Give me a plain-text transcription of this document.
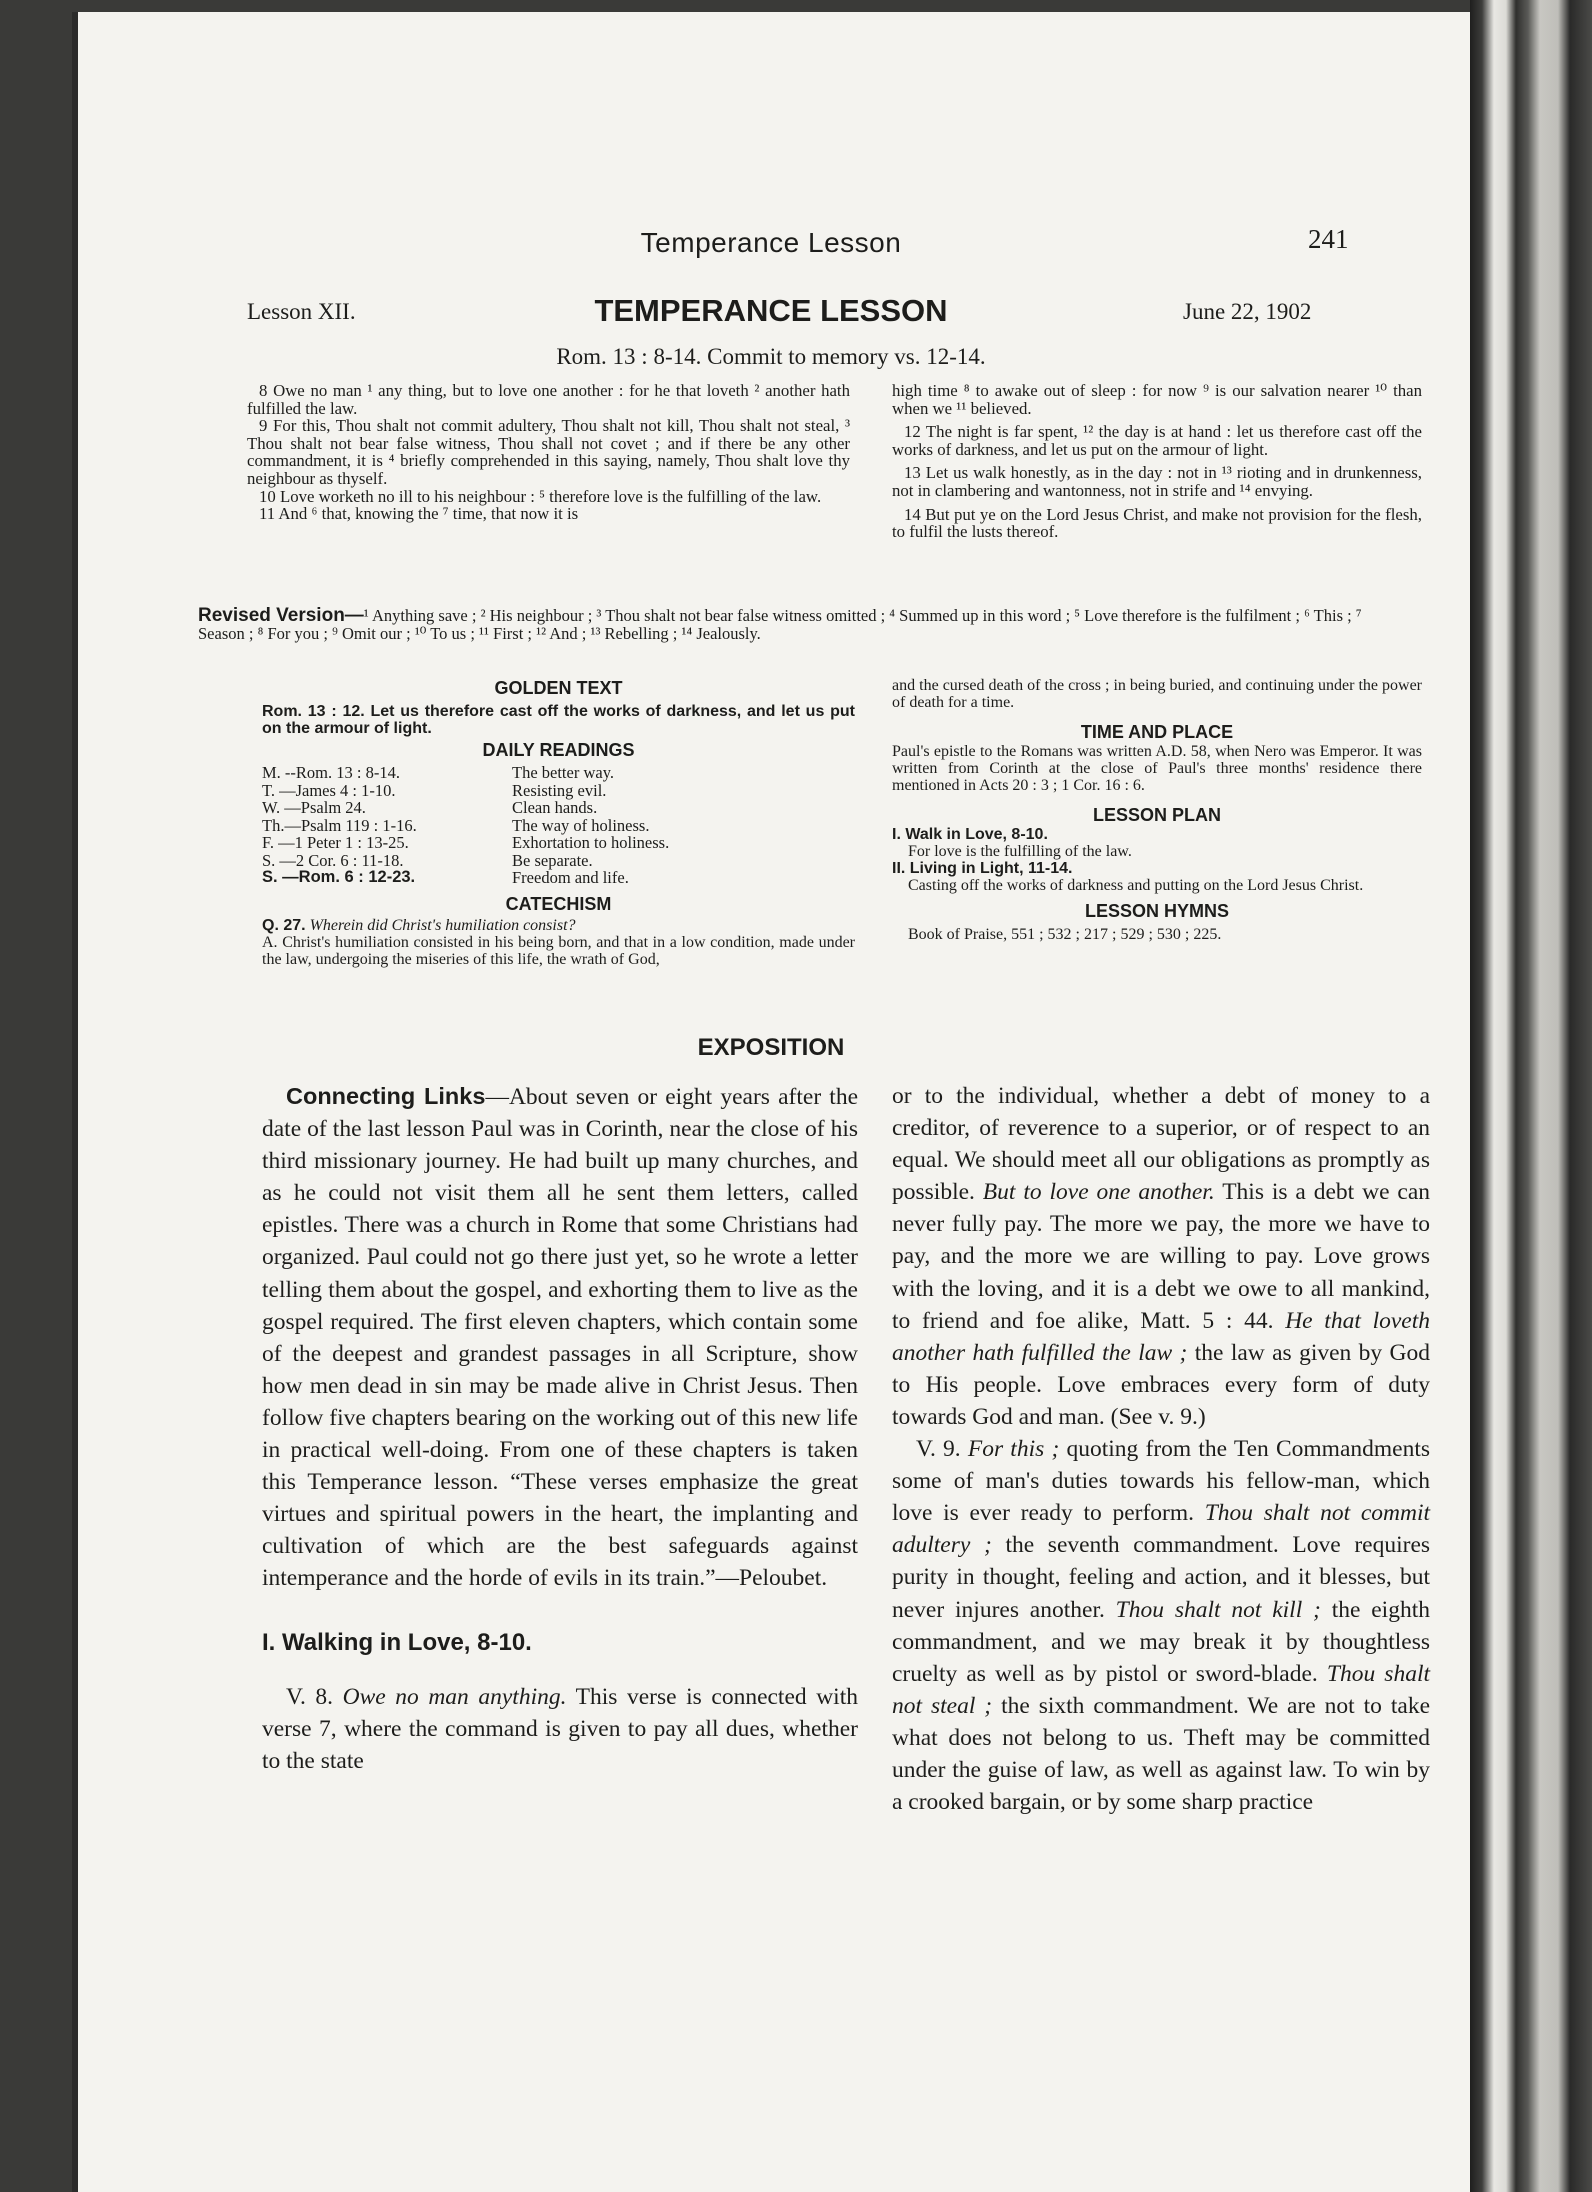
Temperance Lesson	241
Lesson XII.	TEMPERANCE LESSON	June 22, 1902
Rom. 13 : 8-14. Commit to memory vs. 12-14.

8 Owe no man ¹ any thing, but to love one another : for he that loveth ² another hath fulfilled the law.

9 For this, Thou shalt not commit adultery, Thou shalt not kill, Thou shalt not steal, ³ Thou shalt not bear false witness, Thou shall not covet ; and if there be any other commandment, it is ⁴ briefly comprehended in this saying, namely, Thou shalt love thy neighbour as thyself.

10 Love worketh no ill to his neighbour : ⁵ therefore love is the fulfilling of the law.

11 And ⁶ that, knowing the ⁷ time, that now it is

high time ⁸ to awake out of sleep : for now ⁹ is our salvation nearer ¹⁰ than when we ¹¹ believed.

12 The night is far spent, ¹² the day is at hand : let us therefore cast off the works of darkness, and let us put on the armour of light.

13 Let us walk honestly, as in the day : not in ¹³ rioting and in drunkenness, not in clambering and wantonness, not in strife and ¹⁴ envying.

14 But put ye on the Lord Jesus Christ, and make not provision for the flesh, to fulfil the lusts thereof.

Revised Version—¹ Anything save ; ² His neighbour ; ³ Thou shalt not bear false witness omitted ; ⁴ Summed up in this word ; ⁵ Love therefore is the fulfilment ; ⁶ This ; ⁷ Season ; ⁸ For you ; ⁹ Omit our ; ¹⁰ To us ; ¹¹ First ; ¹² And ; ¹³ Rebelling ; ¹⁴ Jealously.
GOLDEN TEXT
Rom. 13 : 12. Let us therefore cast off the works of darkness, and let us put on the armour of light.
DAILY READINGS
M. --Rom. 13 : 8-14.	The better way.
T. —James 4 : 1-10.	Resisting evil.
W. —Psalm 24.	Clean hands.
Th.—Psalm 119 : 1-16.	The way of holiness.
F. —1 Peter 1 : 13-25.	Exhortation to holiness.
S. —2 Cor. 6 : 11-18.	Be separate.
S. —Rom. 6 : 12-23.	Freedom and life.
CATECHISM
Q. 27. Wherein did Christ's humiliation consist?
A. Christ's humiliation consisted in his being born, and that in a low condition, made under the law, undergoing the miseries of this life, the wrath of God,
and the cursed death of the cross ; in being buried, and continuing under the power of death for a time.
TIME AND PLACE
Paul's epistle to the Romans was written A.D. 58, when Nero was Emperor. It was written from Corinth at the close of Paul's three months' residence there mentioned in Acts 20 : 3 ; 1 Cor. 16 : 6.
LESSON PLAN
I. Walk in Love, 8-10.
For love is the fulfilling of the law.
II. Living in Light, 11-14.
Casting off the works of darkness and putting on the Lord Jesus Christ.
LESSON HYMNS
Book of Praise, 551 ; 532 ; 217 ; 529 ; 530 ; 225.
EXPOSITION

Connecting Links—About seven or eight years after the date of the last lesson Paul was in Corinth, near the close of his third missionary journey. He had built up many churches, and as he could not visit them all he sent them letters, called epistles. There was a church in Rome that some Christians had organized. Paul could not go there just yet, so he wrote a letter telling them about the gospel, and exhorting them to live as the gospel required. The first eleven chapters, which contain some of the deepest and grandest passages in all Scripture, show how men dead in sin may be made alive in Christ Jesus. Then follow five chapters bearing on the working out of this new life in practical well-doing. From one of these chapters is taken this Temperance lesson. “These verses emphasize the great virtues and spiritual powers in the heart, the implanting and cultivation of which are the best safeguards against intemperance and the horde of evils in its train.”—Peloubet.

I. Walking in Love, 8-10.

V. 8. Owe no man anything. This verse is connected with verse 7, where the command is given to pay all dues, whether to the state

or to the individual, whether a debt of money to a creditor, of reverence to a superior, or of respect to an equal. We should meet all our obligations as promptly as possible. But to love one another. This is a debt we can never fully pay. The more we pay, the more we have to pay, and the more we are willing to pay. Love grows with the loving, and it is a debt we owe to all mankind, to friend and foe alike, Matt. 5 : 44. He that loveth another hath fulfilled the law ; the law as given by God to His people. Love embraces every form of duty towards God and man. (See v. 9.)

V. 9. For this ; quoting from the Ten Commandments some of man's duties towards his fellow-man, which love is ever ready to perform. Thou shalt not commit adultery ; the seventh commandment. Love requires purity in thought, feeling and action, and it blesses, but never injures another. Thou shalt not kill ; the eighth commandment, and we may break it by thoughtless cruelty as well as by pistol or sword-blade. Thou shalt not steal ; the sixth commandment. We are not to take what does not belong to us. Theft may be committed under the guise of law, as well as against law. To win by a crooked bargain, or by some sharp practice
